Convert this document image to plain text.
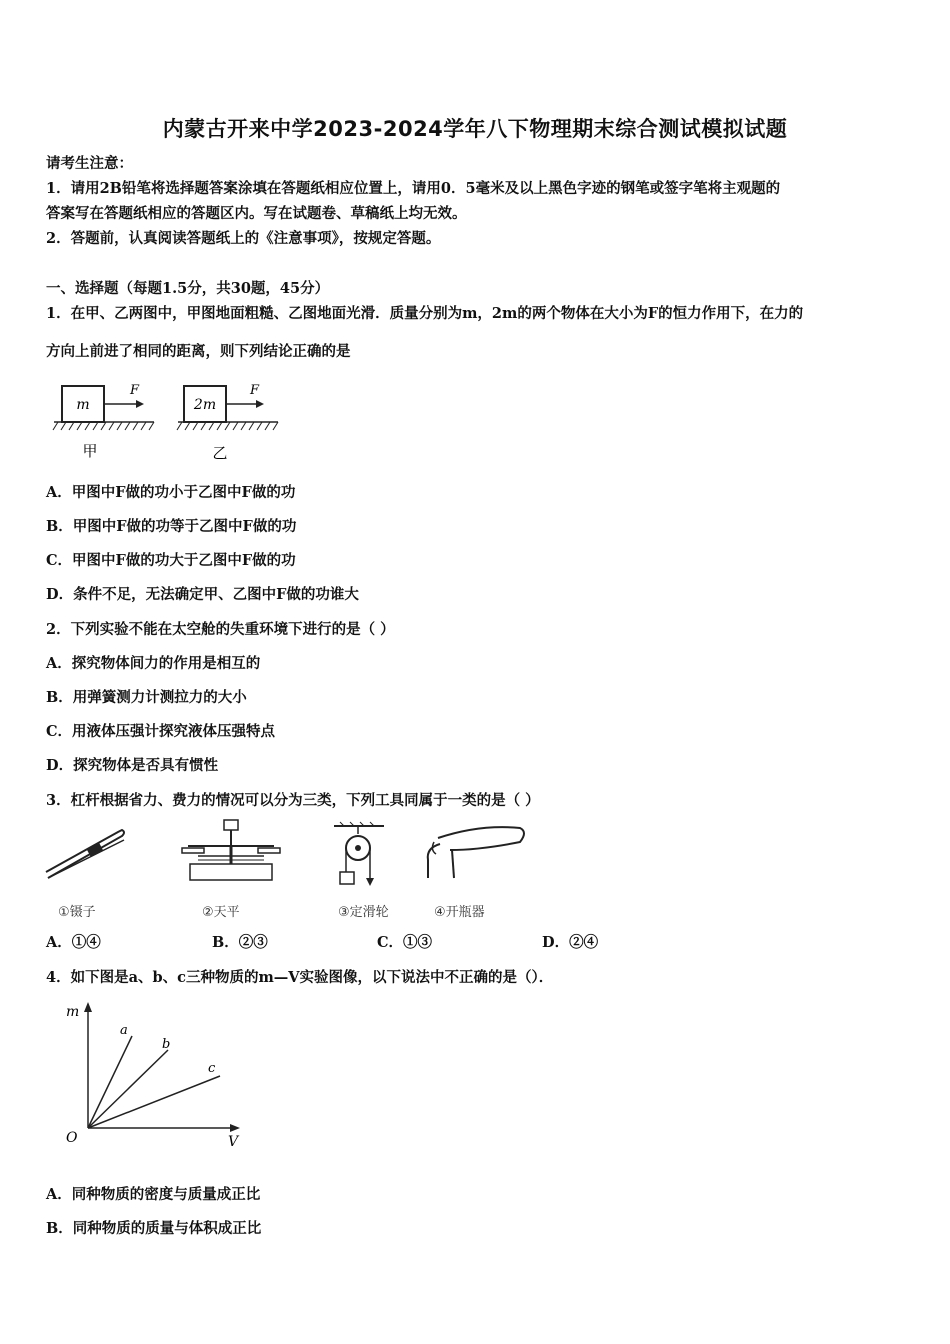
内蒙古开来中学2023-2024学年八下物理期末综合测试模拟试题
请考生注意：
1．请用2B铅笔将选择题答案涂填在答题纸相应位置上，请用0．5毫米及以上黑色字迹的钢笔或签字笔将主观题的
答案写在答题纸相应的答题区内。写在试题卷、草稿纸上均无效。
2．答题前，认真阅读答题纸上的《注意事项》，按规定答题。
一、选择题（每题1.5分，共30题，45分）
1．在甲、乙两图中，甲图地面粗糙、乙图地面光滑．质量分别为m，2m的两个物体在大小为F的恒力作用下，在力的
方向上前进了相同的距离，则下列结论正确的是
m
F
甲
2m
F
乙
A．甲图中F做的功小于乙图中F做的功
B．甲图中F做的功等于乙图中F做的功
C．甲图中F做的功大于乙图中F做的功
D．条件不足，无法确定甲、乙图中F做的功谁大
2．下列实验不能在太空舱的失重环境下进行的是（ ）
A．探究物体间力的作用是相互的
B．用弹簧测力计测拉力的大小
C．用液体压强计探究液体压强特点
D．探究物体是否具有惯性
3．杠杆根据省力、费力的情况可以分为三类，下列工具同属于一类的是（ ）
①镊子	②天平	③定滑轮	④开瓶器
A．①④	B．②③	C．①③	D．②④
4．如下图是a、b、c三种物质的m—V实验图像，以下说法中不正确的是（）．
m
V
O
a
b
c
A．同种物质的密度与质量成正比
B．同种物质的质量与体积成正比
